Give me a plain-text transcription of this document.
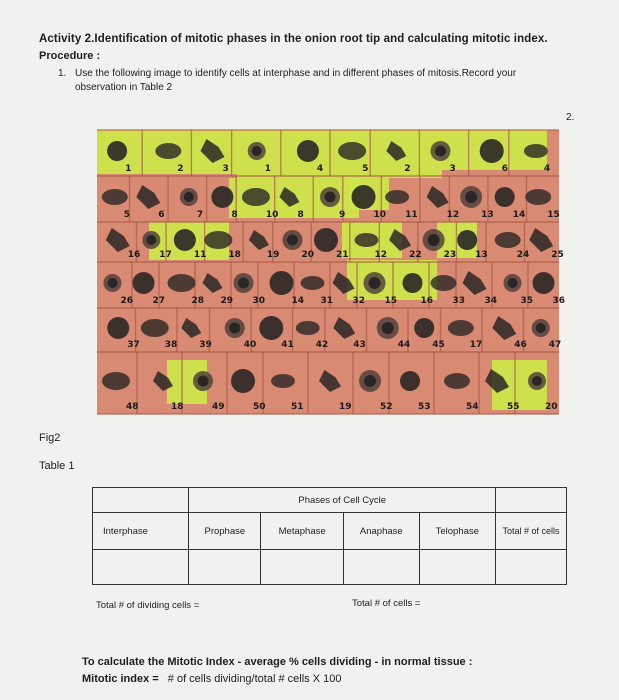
Activity 2.Identification of mitotic phases in the onion root tip and calculating mitotic index.
Procedure :
1. Use the following image to identify cells at interphase and in different phases of mitosis.Record your
observation in Table 2
2.
1	2	3	1	4	5	2	3	6	4
5	6	7	8	10 8	9	10 11	12 13 14 15
16 17 11 18	19 20 21	12 22 23 13	24 25
26 27	28 29 30	14 31 32 15	16 33 34	35 36
37	38 39	40	41 42	43	44 45	17	46 47
48	18	49	50	51	19	52	53	54	55	20
Fig2
Table 1
	Phases of Cell Cycle				
Interphase	Prophase	Metaphase	Anaphase	Telophase	Total # of cells

Total # of dividing cells =	Total # of cells =
To calculate the Mitotic Index - average % cells dividing - in normal tissue :
Mitotic index = # of cells dividing/total # cells X 100
